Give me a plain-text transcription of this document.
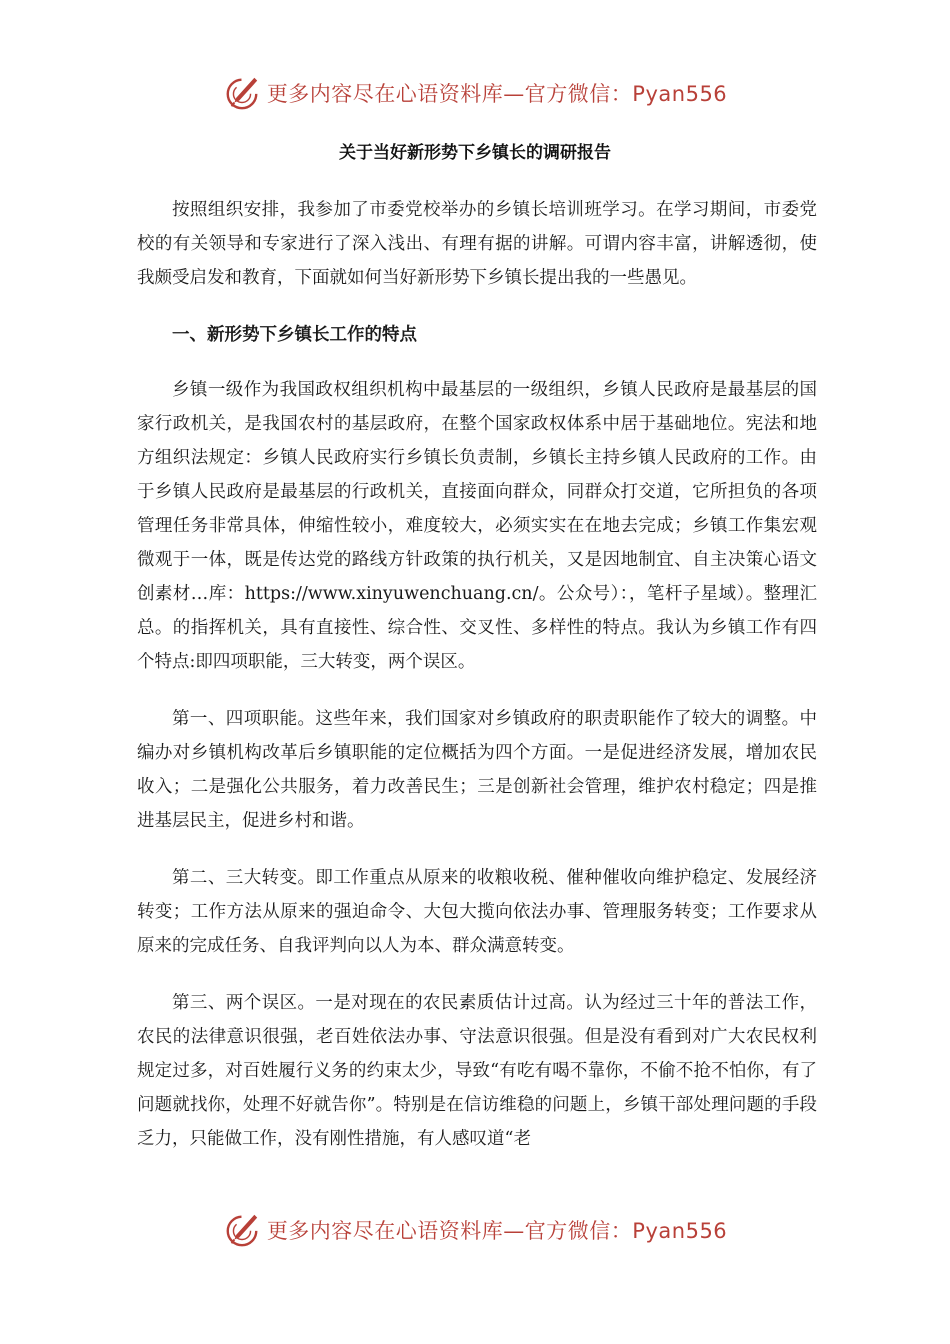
更多内容尽在心语资料库—官方微信：Pyan556
关于当好新形势下乡镇长的调研报告

按照组织安排，我参加了市委党校举办的乡镇长培训班学习。在学习期间，市委党校的有关领导和专家进行了深入浅出、有理有据的讲解。可谓内容丰富，讲解透彻，使我颇受启发和教育，下面就如何当好新形势下乡镇长提出我的一些愚见。

一、新形势下乡镇长工作的特点

乡镇一级作为我国政权组织机构中最基层的一级组织，乡镇人民政府是最基层的国家行政机关，是我国农村的基层政府，在整个国家政权体系中居于基础地位。宪法和地方组织法规定：乡镇人民政府实行乡镇长负责制，乡镇长主持乡镇人民政府的工作。由于乡镇人民政府是最基层的行政机关，直接面向群众，同群众打交道，它所担负的各项管理任务非常具体，伸缩性较小，难度较大，必须实实在在地去完成；乡镇工作集宏观微观于一体，既是传达党的路线方针政策的执行机关，又是因地制宜、自主决策心语文创素材…库：https://www.xinyuwenchuang.cn/。公众号）：，笔杆子星域）。整理汇总。的指挥机关，具有直接性、综合性、交叉性、多样性的特点。我认为乡镇工作有四个特点:即四项职能，三大转变，两个误区。

第一、四项职能。这些年来，我们国家对乡镇政府的职责职能作了较大的调整。中编办对乡镇机构改革后乡镇职能的定位概括为四个方面。一是促进经济发展，增加农民收入；二是强化公共服务，着力改善民生；三是创新社会管理，维护农村稳定；四是推进基层民主，促进乡村和谐。

第二、三大转变。即工作重点从原来的收粮收税、催种催收向维护稳定、发展经济转变；工作方法从原来的强迫命令、大包大揽向依法办事、管理服务转变；工作要求从原来的完成任务、自我评判向以人为本、群众满意转变。

第三、两个误区。一是对现在的农民素质估计过高。认为经过三十年的普法工作，农民的法律意识很强，老百姓依法办事、守法意识很强。但是没有看到对广大农民权利规定过多，对百姓履行义务的约束太少，导致“有吃有喝不靠你，不偷不抢不怕你，有了问题就找你，处理不好就告你”。特别是在信访维稳的问题上，乡镇干部处理问题的手段乏力，只能做工作，没有刚性措施，有人感叹道“老

更多内容尽在心语资料库—官方微信：Pyan556
